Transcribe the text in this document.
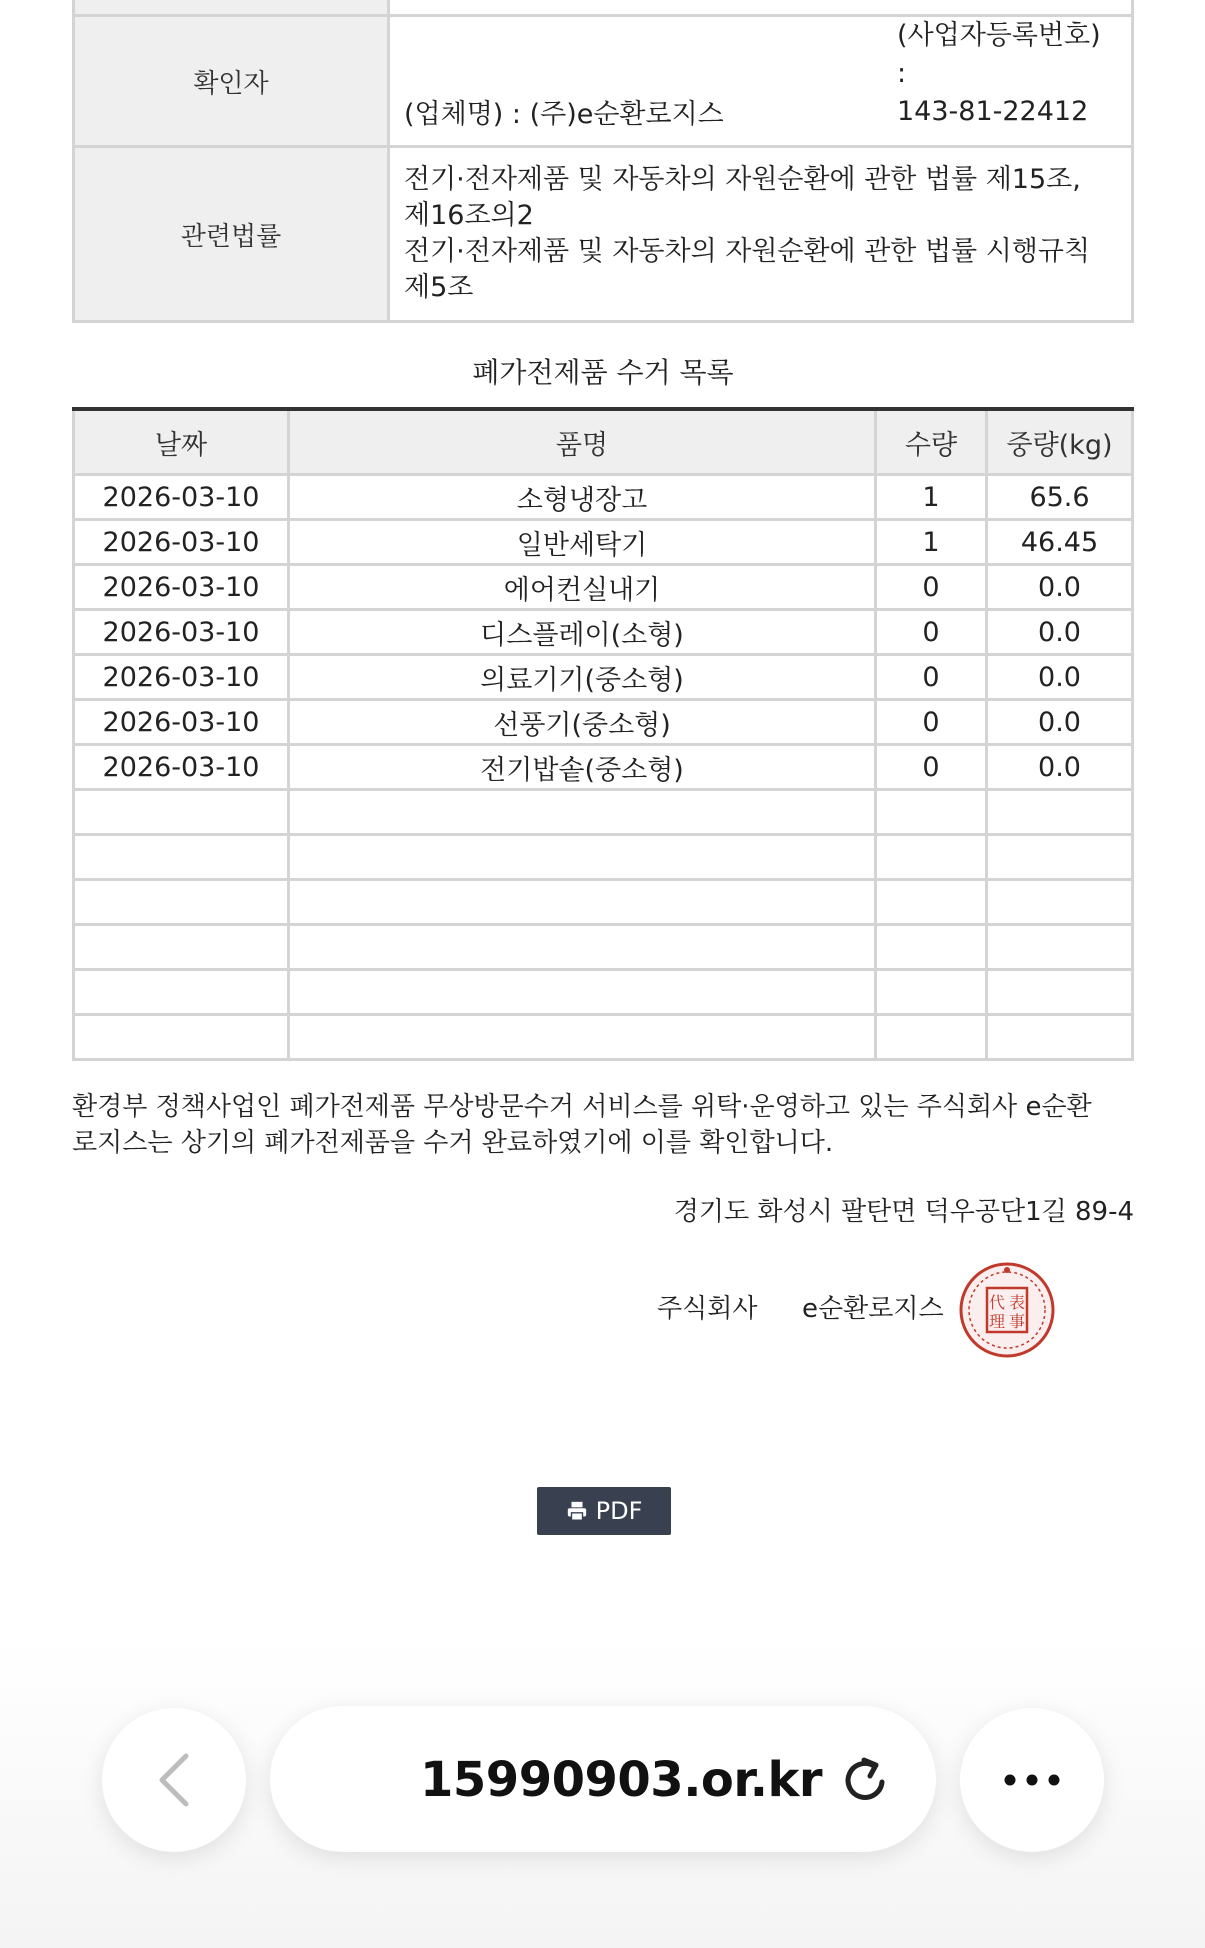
확인자	(업체명) : (주)e순환로지스
(사업자등록번호) :
143-81-22412

관련법률	전기·전자제품 및 자동차의 자원순환에 관한 법률 제15조,
제16조의2
전기·전자제품 및 자동차의 자원순환에 관한 법률 시행규칙
제5조
폐가전제품 수거 목록
날짜	품명	수량	중량(kg)
2026-03-10	소형냉장고	1	65.6
2026-03-10	일반세탁기	1	46.45
2026-03-10	에어컨실내기	0	0.0
2026-03-10	디스플레이(소형)	0	0.0
2026-03-10	의료기기(중소형)	0	0.0
2026-03-10	선풍기(중소형)	0	0.0
2026-03-10	전기밥솥(중소형)	0	0.0

환경부 정책사업인 폐가전제품 무상방문수거 서비스를 위탁·운영하고 있는 주식회사 e순환
로지스는 상기의 폐가전제품을 수거 완료하였기에 이를 확인합니다.
경기도 화성시 팔탄면 덕우공단1길 89-4
주식회사 e순환로지스	代 表
理 事
PDF
15990903.or.kr
